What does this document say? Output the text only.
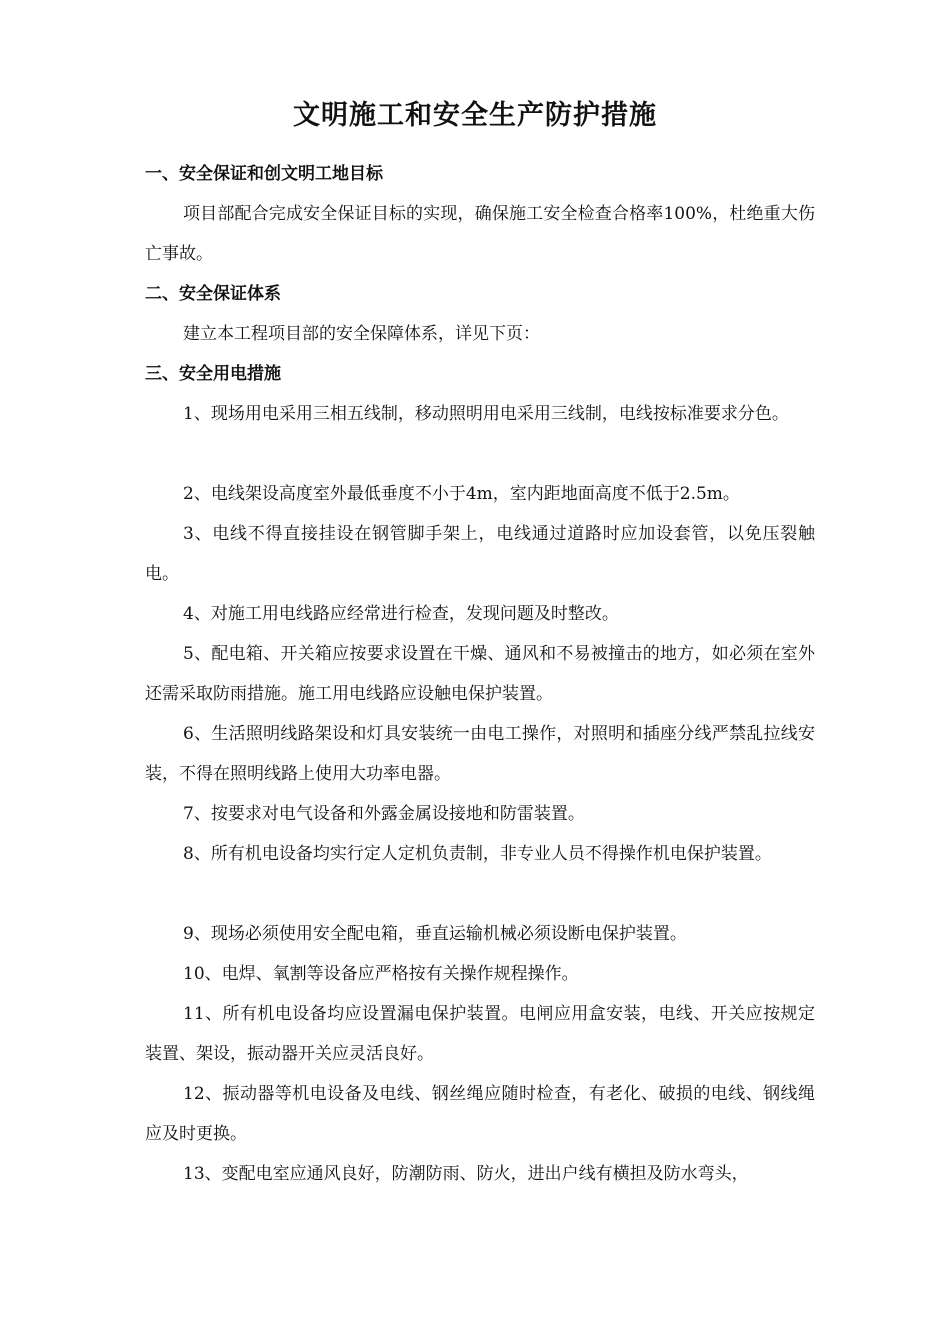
文明施工和安全生产防护措施
一、安全保证和创文明工地目标
项目部配合完成安全保证目标的实现，确保施工安全检查合格率100%，杜绝重大伤亡事故。
二、安全保证体系
建立本工程项目部的安全保障体系，详见下页：
三、安全用电措施
1、现场用电采用三相五线制，移动照明用电采用三线制，电线按标准要求分色。
2、电线架设高度室外最低垂度不小于4m，室内距地面高度不低于2.5m。
3、电线不得直接挂设在钢管脚手架上，电线通过道路时应加设套管，以免压裂触电。
4、对施工用电线路应经常进行检查，发现问题及时整改。
5、配电箱、开关箱应按要求设置在干燥、通风和不易被撞击的地方，如必须在室外还需采取防雨措施。施工用电线路应设触电保护装置。
6、生活照明线路架设和灯具安装统一由电工操作，对照明和插座分线严禁乱拉线安装，不得在照明线路上使用大功率电器。
7、按要求对电气设备和外露金属设接地和防雷装置。
8、所有机电设备均实行定人定机负责制，非专业人员不得操作机电保护装置。
9、现场必须使用安全配电箱，垂直运输机械必须设断电保护装置。
10、电焊、氧割等设备应严格按有关操作规程操作。
11、所有机电设备均应设置漏电保护装置。电闸应用盒安装，电线、开关应按规定装置、架设，振动器开关应灵活良好。
12、振动器等机电设备及电线、钢丝绳应随时检查，有老化、破损的电线、钢线绳应及时更换。
13、变配电室应通风良好，防潮防雨、防火，进出户线有横担及防水弯头，
